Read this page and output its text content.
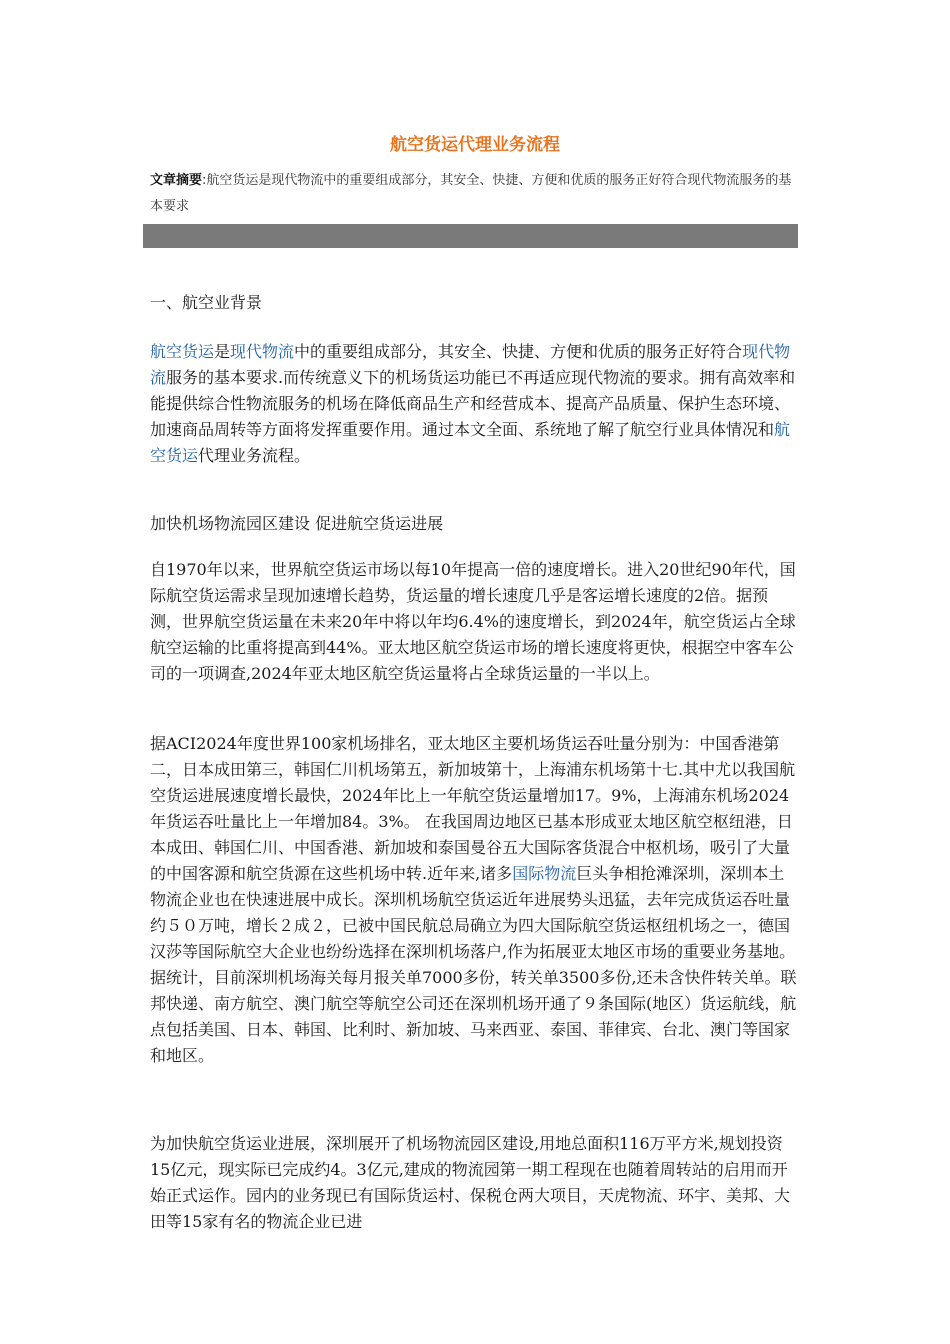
航空货运代理业务流程
文章摘要:航空货运是现代物流中的重要组成部分，其安全、快捷、方便和优质的服务正好符合现代物流服务的基本要求
一、航空业背景
航空货运是现代物流中的重要组成部分，其安全、快捷、方便和优质的服务正好符合现代物流服务的基本要求.而传统意义下的机场货运功能已不再适应现代物流的要求。拥有高效率和能提供综合性物流服务的机场在降低商品生产和经营成本、提高产品质量、保护生态环境、加速商品周转等方面将发挥重要作用。通过本文全面、系统地了解了航空行业具体情况和航空货运代理业务流程。
加快机场物流园区建设 促进航空货运进展
自1970年以来，世界航空货运市场以每10年提高一倍的速度增长。进入20世纪90年代，国际航空货运需求呈现加速增长趋势，货运量的增长速度几乎是客运增长速度的2倍。据预测，世界航空货运量在未来20年中将以年均6.4%的速度增长，到2024年，航空货运占全球航空运输的比重将提高到44%。亚太地区航空货运市场的增长速度将更快，根据空中客车公司的一项调查,2024年亚太地区航空货运量将占全球货运量的一半以上。
据ACI2024年度世界100家机场排名，亚太地区主要机场货运吞吐量分别为：中国香港第二，日本成田第三，韩国仁川机场第五，新加坡第十，上海浦东机场第十七.其中尤以我国航空货运进展速度增长最快，2024年比上一年航空货运量增加17。9%，上海浦东机场2024年货运吞吐量比上一年增加84。3%。 在我国周边地区已基本形成亚太地区航空枢纽港，日本成田、韩国仁川、中国香港、新加坡和泰国曼谷五大国际客货混合中枢机场，吸引了大量的中国客源和航空货源在这些机场中转.近年来,诸多国际物流巨头争相抢滩深圳，深圳本土物流企业也在快速进展中成长。深圳机场航空货运近年进展势头迅猛，去年完成货运吞吐量约５０万吨，增长２成２，已被中国民航总局确立为四大国际航空货运枢纽机场之一，德国汉莎等国际航空大企业也纷纷选择在深圳机场落户,作为拓展亚太地区市场的重要业务基地。据统计，目前深圳机场海关每月报关单7000多份，转关单3500多份,还未含快件转关单。联邦快递、南方航空、澳门航空等航空公司还在深圳机场开通了９条国际(地区）货运航线，航点包括美国、日本、韩国、比利时、新加坡、马来西亚、泰国、菲律宾、台北、澳门等国家和地区。
为加快航空货运业进展，深圳展开了机场物流园区建设,用地总面积116万平方米,规划投资15亿元，现实际已完成约4。3亿元,建成的物流园第一期工程现在也随着周转站的启用而开始正式运作。园内的业务现已有国际货运村、保税仓两大项目，天虎物流、环宇、美邦、大田等15家有名的物流企业已进
